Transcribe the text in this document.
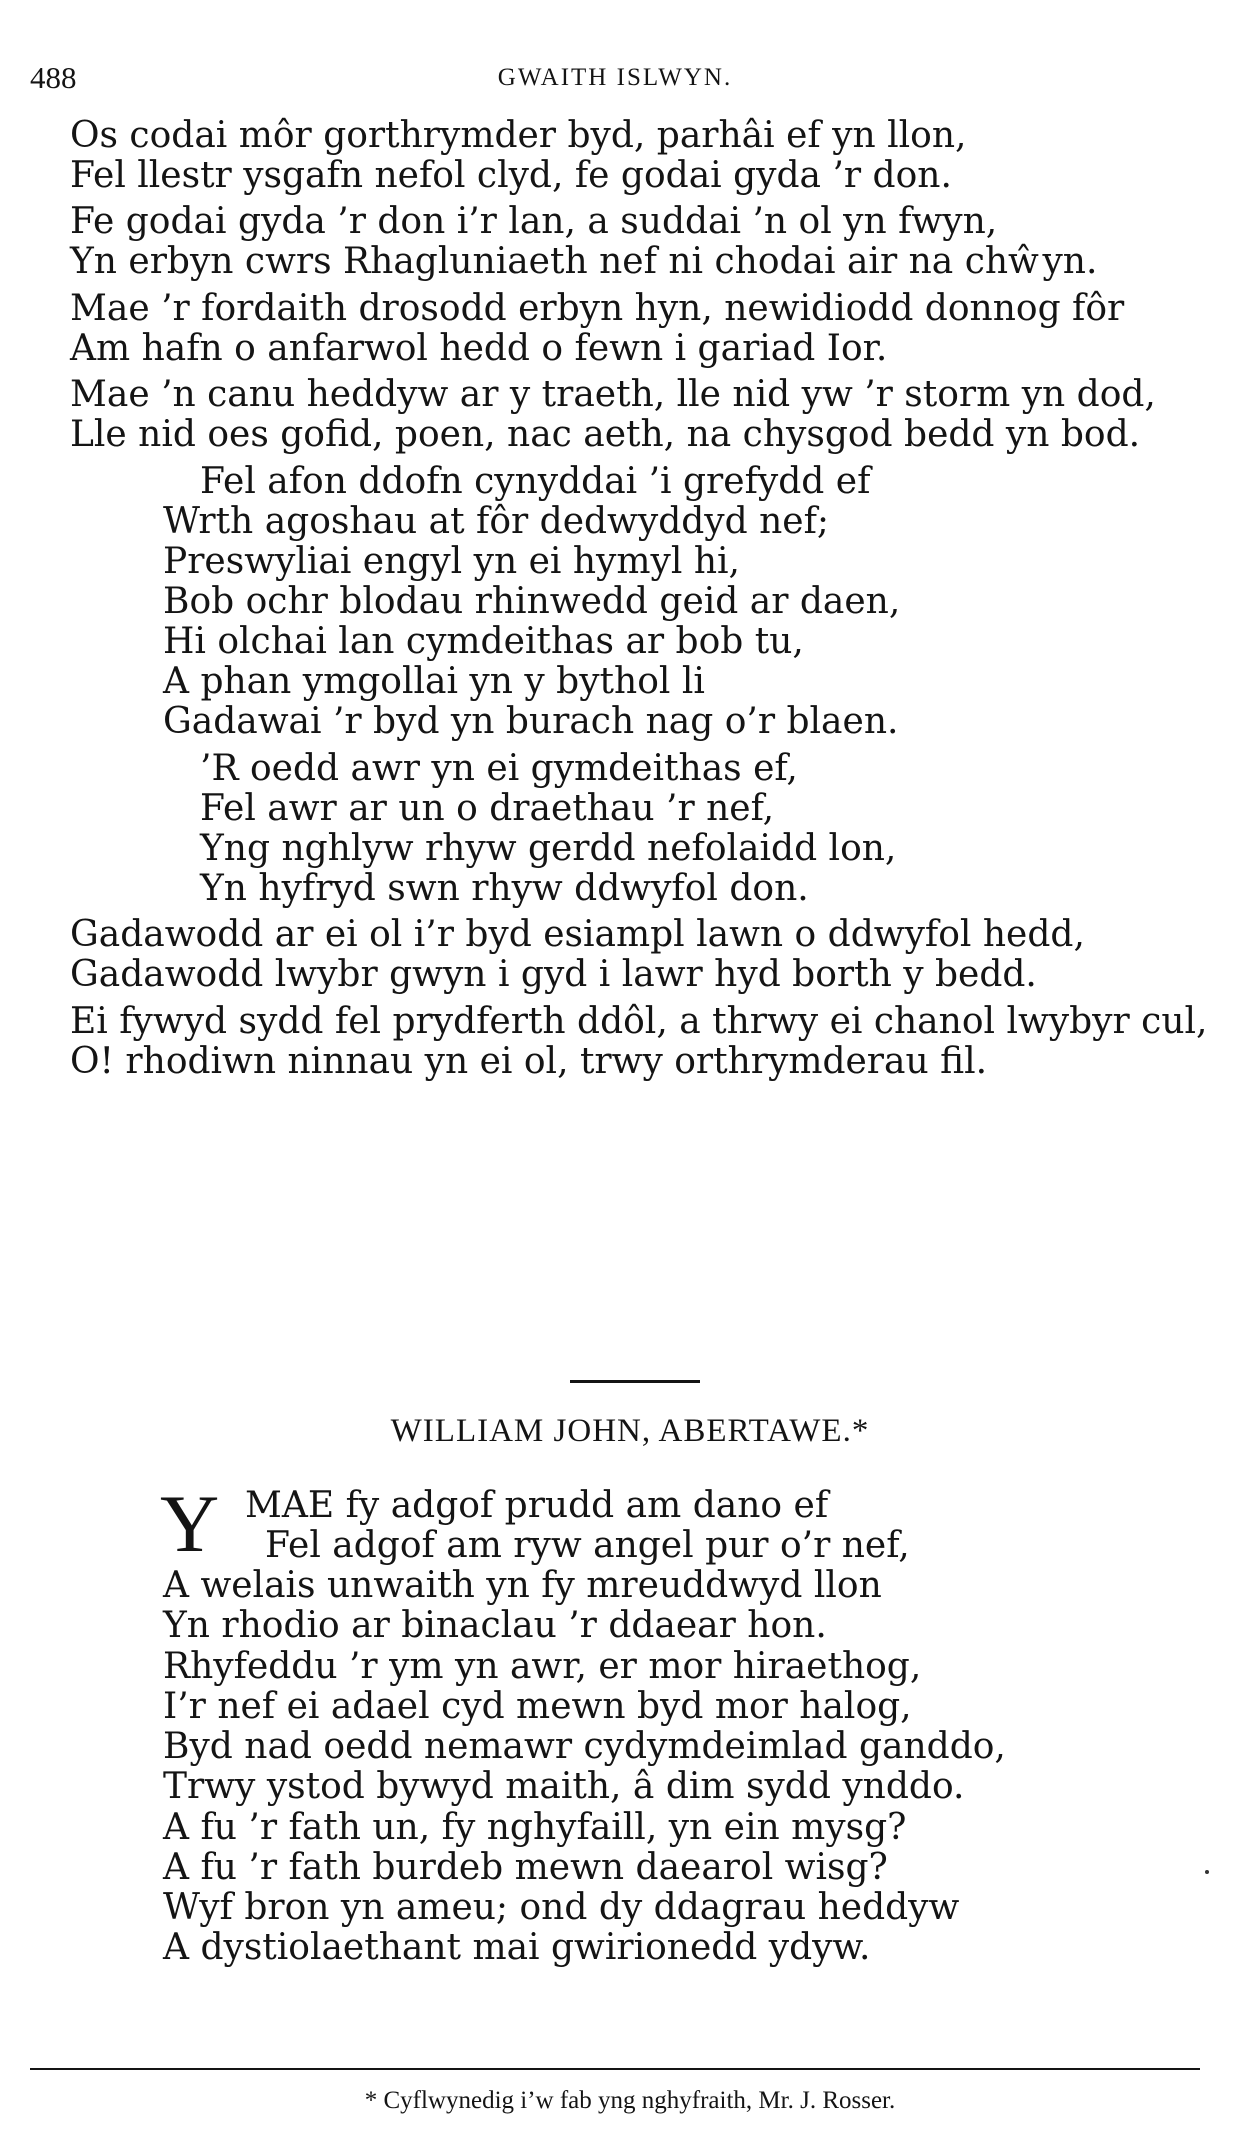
488	GWAITH ISLWYN.
Os codai môr gorthrymder byd, parhâi ef yn llon,
Fel llestr ysgafn nefol clyd, fe godai gyda ’r don.
Fe godai gyda ’r don i’r lan, a suddai ’n ol yn fwyn,
Yn erbyn cwrs Rhagluniaeth nef ni chodai air na chŵyn.
Mae ’r fordaith drosodd erbyn hyn, newidiodd donnog fôr
Am hafn o anfarwol hedd o fewn i gariad Ior.
Mae ’n canu heddyw ar y traeth, lle nid yw ’r storm yn dod,
Lle nid oes gofid, poen, nac aeth, na chysgod bedd yn bod.
Fel afon ddofn cynyddai ’i grefydd ef
Wrth agoshau at fôr dedwyddyd nef;
Preswyliai engyl yn ei hymyl hi,
Bob ochr blodau rhinwedd geid ar daen,
Hi olchai lan cymdeithas ar bob tu,
A phan ymgollai yn y bythol li
Gadawai ’r byd yn burach nag o’r blaen.
’R oedd awr yn ei gymdeithas ef,
Fel awr ar un o draethau ’r nef,
Yng nghlyw rhyw gerdd nefolaidd lon,
Yn hyfryd swn rhyw ddwyfol don.
Gadawodd ar ei ol i’r byd esiampl lawn o ddwyfol hedd,
Gadawodd lwybr gwyn i gyd i lawr hyd borth y bedd.
Ei fywyd sydd fel prydferth ddôl, a thrwy ei chanol lwybyr cul,
O! rhodiwn ninnau yn ei ol, trwy orthrymderau fil.
WILLIAM JOHN, ABERTAWE.*
Y MAE fy adgof prudd am dano ef
Fel adgof am ryw angel pur o’r nef,
A welais unwaith yn fy mreuddwyd llon
Yn rhodio ar binaclau ’r ddaear hon.
Rhyfeddu ’r ym yn awr, er mor hiraethog,
I’r nef ei adael cyd mewn byd mor halog,
Byd nad oedd nemawr cydymdeimlad ganddo,
Trwy ystod bywyd maith, â dim sydd ynddo.
A fu ’r fath un, fy nghyfaill, yn ein mysg?
A fu ’r fath burdeb mewn daearol wisg?
Wyf bron yn ameu; ond dy ddagrau heddyw
A dystiolaethant mai gwirionedd ydyw.
* Cyflwynedig i’w fab yng nghyfraith, Mr. J. Rosser.
